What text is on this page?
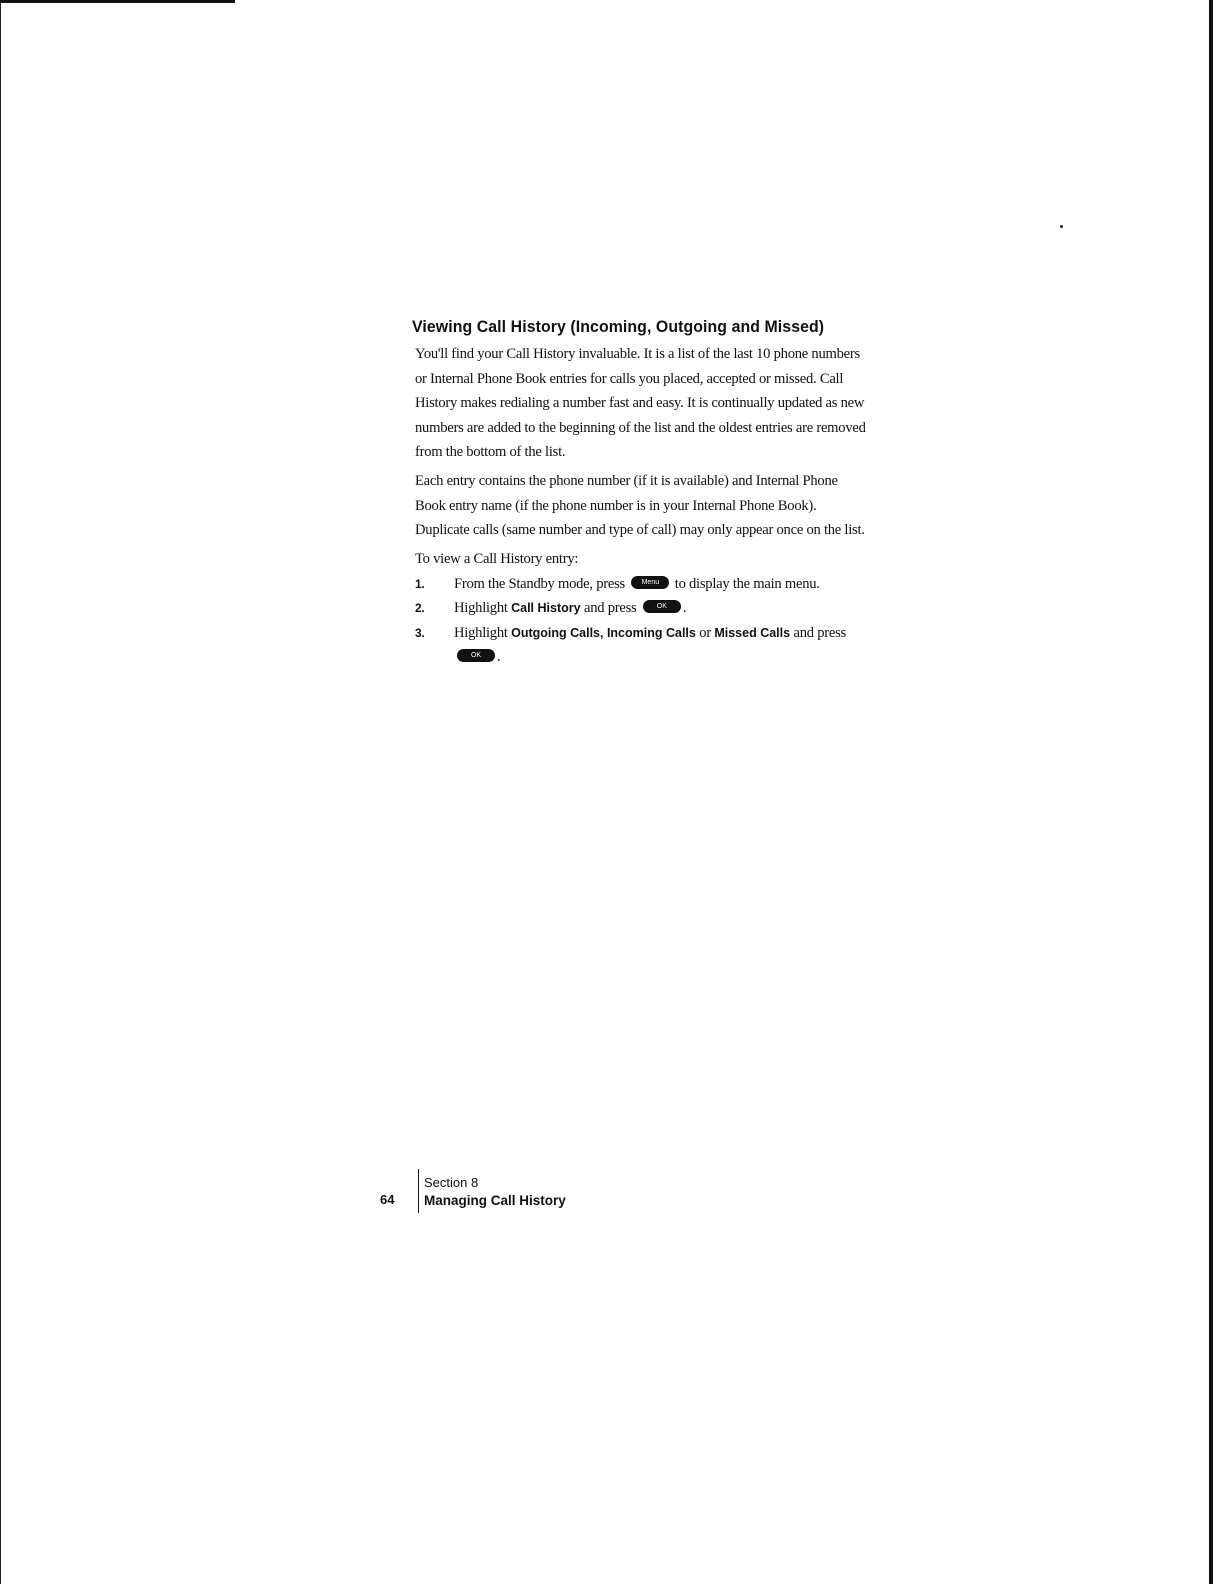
Viewing Call History (Incoming, Outgoing and Missed)

You'll find your Call History invaluable. It is a list of the last 10 phone numbers or Internal Phone Book entries for calls you placed, accepted or missed. Call History makes redialing a number fast and easy. It is continually updated as new numbers are added to the beginning of the list and the oldest entries are removed from the bottom of the list.

Each entry contains the phone number (if it is available) and Internal Phone Book entry name (if the phone number is in your Internal Phone Book). Duplicate calls (same number and type of call) may only appear once on the list.

To view a Call History entry:

1. From the Standby mode, press	Menu	to display the main menu.
2. Highlight Call History and press	OK	.
3. Highlight Outgoing Calls, Incoming Calls or Missed Calls and press
OK	.
64
Section 8
Managing Call History
